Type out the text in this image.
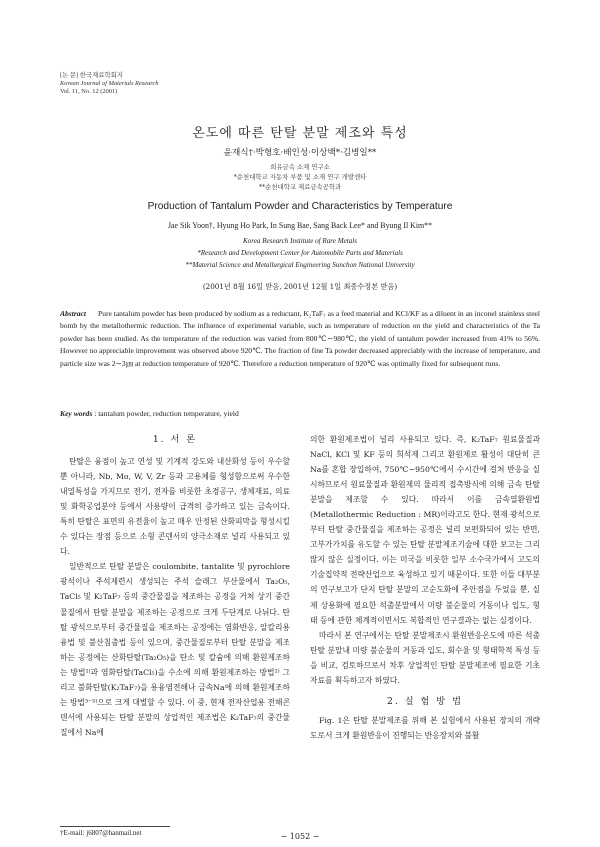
[논 문] 한국재료학회지
Korean Journal of Materials Research
Vol. 11, No. 12 (2001)
온도에 따른 탄탈 분말 제조와 특성
윤재식†·박형호·배인성·이상백*·김병일**
희유금속 소재 연구소
*순천대학교 자동차 부품 및 소재 연구 개발센타
**순천대학교 재료금속공학과
Production of Tantalum Powder and Characteristics by Temperature
Jae Sik Yoon†, Hyung Ho Park, In Sung Bae, Sang Back Lee* and Byung Il Kim**
Korea Research Institute of Rare Metals
*Research and Development Center for Automobile Parts and Materials
**Material Science and Metallurgical Engineering Sunchon National University
(2001년 8월 16일 받음, 2001년 12월 1일 최종수정본 받음)
Abstract Pure tantalum powder has been produced by sodium as a reductant, K₂TaF₇ as a feed material and KCl/KF as a diluent in an inconel stainless steel bomb by the metallothermic reduction. The influence of experimental variable, such as temperature of reduction on the yield and characteristics of the Ta powder has been studied. As the temperature of the reduction was varied from 800℃∼980℃, the yield of tantalum powder increased from 41% to 56%. However no appreciable improvement was observed above 920℃. The fraction of fine Ta powder decreased appreciably with the increase of temperature, and particle size was 2∼3㎛ at reduction temperature of 920℃. Therefore a reduction temperature of 920℃ was optimally fixed for subsequent runs.
Key words : tantalum powder, reduction temperature, yield
1. 서 론

탄탈은 융점이 높고 연성 및 기계적 강도와 내산화성 등이 우수할 뿐 아니라, Nb, Mo, W, V, Zr 등과 고용체를 형성함으로써 우수한 내열특성을 가지므로 전기, 전자를 비롯한 초경공구, 생체재료, 의료 및 화학공업분야 등에서 사용량이 급격히 증가하고 있는 금속이다. 특히 탄탈은 표면의 유전율이 높고 매우 안정된 산화피막을 형성시킬 수 있다는 장점 등으로 소형 콘덴서의 양극소재로 널리 사용되고 있다.

일반적으로 탄탈 분말은 coulombite, tantalite 및 pyrochlore광석이나 주석제련시 생성되는 주석 슬래그 부산물에서 Ta₂O₅, TaCl₅ 및 K₂TaF₇ 등의 중간물질을 제조하는 공정을 거쳐 상기 중간물질에서 탄탈 분말을 제조하는 공정으로 크게 두단계로 나뉘다. 탄탈 광석으로부터 중간물질을 제조하는 공정에는 염화반응, 알칼리용융법 및 불산침출법 등이 있으며, 중간물질로부터 탄탈 분말을 제조하는 공정에는 산화탄탈(Ta₂O₅)을 탄소 및 칼슘에 의해 환원제조하는 방법¹⁾과 염화탄탈(TaCl₅)을 수소에 의해 환원제조하는 방법²⁾ 그리고 불화탄탈(K₂TaF₇)을 용융염전해나 금속Na에 의해 환원제조하는 방법³⁻⁵⁾으로 크게 대별할 수 있다. 이 중, 현재 전자산업용 전해콘덴서에 사용되는 탄탈 분말의 상업적인 제조법은 K₂TaF₇의 중간물질에서 Na에

의한 환원제조법이 널리 사용되고 있다. 즉, K₂TaF₇ 원료물질과 NaCl, KCl 및 KF 등의 희석제 그리고 환원제로 활성이 대단히 큰 Na를 혼합 장입하여, 750℃∼950℃에서 수시간에 걸쳐 반응을 실시하므로서 원료물질과 환원제의 물리적 접촉방식에 의해 금속 탄탈 분말을 제조할 수 있다. 따라서 이를 금속열환원법(Metallothermic Reduction : MR)이라고도 한다. 현재 광석으로부터 탄탈 중간물질을 제조하는 공정은 널리 보편화되어 있는 반면, 고부가가치를 유도할 수 있는 탄탈 분말제조기술에 대한 보고는 그리 많지 않은 실정이다. 이는 미국을 비롯한 일부 소수국가에서 고도의 기술집약적 전략산업으로 육성하고 있기 때문이다. 또한 이들 대부분의 연구보고가 단지 탄탈 분말의 고순도화에 주안점을 두었을 뿐, 실제 상용화에 필요한 석출분말에서 미량 불순물의 거동이나 입도, 형태 등에 관한 체계적이면서도 복합적인 연구결과는 없는 실정이다.

따라서 본 연구에서는 탄탈 분말제조시 환원반응온도에 따른 석출 탄탈 분말내 미량 불순물의 거동과 입도, 회수율 및 형태학적 특성 등을 비교, 검토하므로서 차후 상업적인 탄탈 분말제조에 필요한 기초자료를 획득하고자 하였다.

2. 실 험 방 법

Fig. 1은 탄탈 분말제조를 위해 본 실험에서 사용된 장치의 개략도로서 크게 환원반응이 진행되는 반응장치와 불활

†E-mail: j6807@hanmail.net	− 1052 −
